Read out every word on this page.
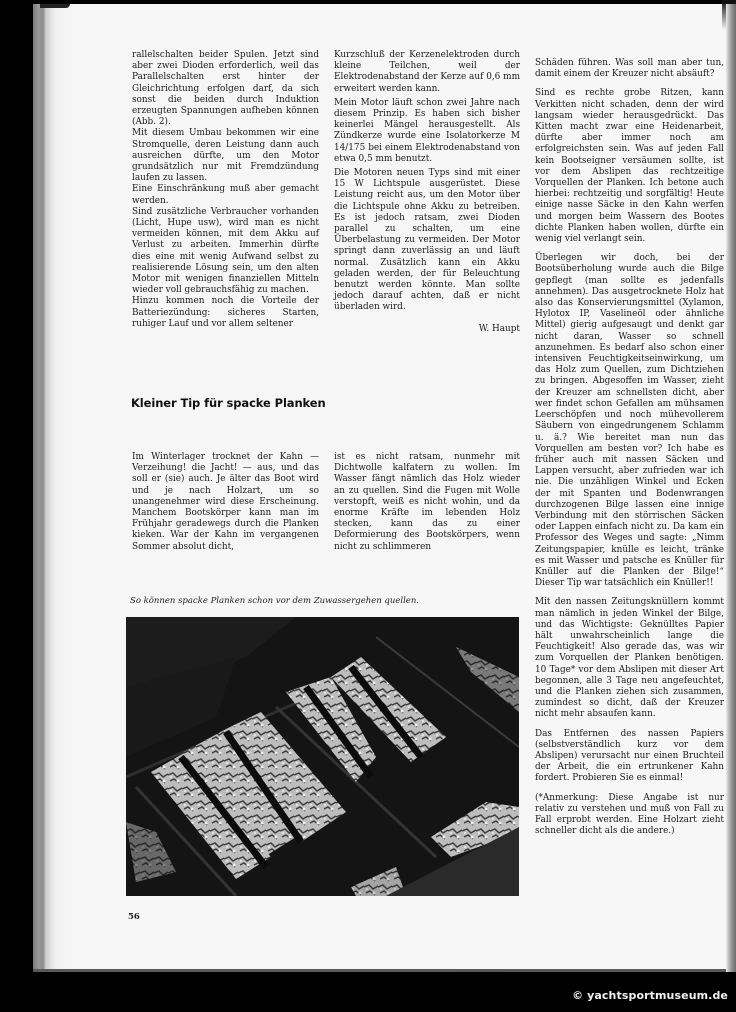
rallelschalten beider Spulen. Jetzt sind aber zwei Dioden erforderlich, weil das Parallelschalten erst hinter der Gleichrichtung erfolgen darf, da sich sonst die beiden durch Induktion erzeugten Spannungen aufheben können (Abb. 2).

Mit diesem Umbau bekommen wir eine Stromquelle, deren Leistung dann auch ausreichen dürfte, um den Motor grundsätzlich nur mit Fremdzündung laufen zu lassen.

Eine Einschränkung muß aber gemacht werden.

Sind zusätzliche Verbraucher vorhanden (Licht, Hupe usw), wird man es nicht vermeiden können, mit dem Akku auf Verlust zu arbeiten. Immerhin dürfte dies eine mit wenig Aufwand selbst zu realisierende Lösung sein, um den alten Motor mit wenigen finanziellen Mitteln wieder voll gebrauchsfähig zu machen.

Hinzu kommen noch die Vorteile der Batteriezündung: sicheres Starten, ruhiger Lauf und vor allem seltener

Kurzschluß der Kerzenelektroden durch kleine Teilchen, weil der Elektrodenabstand der Kerze auf 0,6 mm erweitert werden kann.

Mein Motor läuft schon zwei Jahre nach diesem Prinzip. Es haben sich bisher keinerlei Mängel herausgestellt. Als Zündkerze wurde eine Isolatorkerze M 14/175 bei einem Elektrodenabstand von etwa 0,5 mm benutzt.

Die Motoren neuen Typs sind mit einer 15 W Lichtspule ausgerüstet. Diese Leistung reicht aus, um den Motor über die Lichtspule ohne Akku zu betreiben. Es ist jedoch ratsam, zwei Dioden parallel zu schalten, um eine Überbelastung zu vermeiden. Der Motor springt dann zuverlässig an und läuft normal. Zusätzlich kann ein Akku geladen werden, der für Beleuchtung benutzt werden könnte. Man sollte jedoch darauf achten, daß er nicht überladen wird.

W. Haupt

Kleiner Tip für spacke Planken

Im Winterlager trocknet der Kahn — Verzeihung! die Jacht! — aus, und das soll er (sie) auch. Je älter das Boot wird und je nach Holzart, um so unangenehmer wird diese Erscheinung. Manchem Bootskörper kann man im Frühjahr geradewegs durch die Planken kieken. War der Kahn im vergangenen Sommer absolut dicht,

ist es nicht ratsam, nunmehr mit Dichtwolle kalfatern zu wollen. Im Wasser fängt nämlich das Holz wieder an zu quellen. Sind die Fugen mit Wolle verstopft, weiß es nicht wohin, und da enorme Kräfte im lebenden Holz stecken, kann das zu einer Deformierung des Bootskörpers, wenn nicht zu schlimmeren

Schäden führen. Was soll man aber tun, damit einem der Kreuzer nicht absäuft?

Sind es rechte grobe Ritzen, kann Verkitten nicht schaden, denn der wird langsam wieder herausgedrückt. Das Kitten macht zwar eine Heidenarbeit, dürfte aber immer noch am erfolgreichsten sein. Was auf jeden Fall kein Bootseigner versäumen sollte, ist vor dem Abslipen das rechtzeitige Vorquellen der Planken. Ich betone auch hierbei: rechtzeitig und sorgfältig! Heute einige nasse Säcke in den Kahn werfen und morgen beim Wassern des Bootes dichte Planken haben wollen, dürfte ein wenig viel verlangt sein.

Überlegen wir doch, bei der Bootsüberholung wurde auch die Bilge gepflegt (man sollte es jedenfalls annehmen). Das ausgetrocknete Holz hat also das Konservierungsmittel (Xylamon, Hylotox IP, Vaselineöl oder ähnliche Mittel) gierig aufgesaugt und denkt gar nicht daran, Wasser so schnell anzunehmen. Es bedarf also schon einer intensiven Feuchtigkeitseinwirkung, um das Holz zum Quellen, zum Dichtziehen zu bringen. Abgesoffen im Wasser, zieht der Kreuzer am schnellsten dicht, aber wer findet schon Gefallen am mühsamen Leerschöpfen und noch mühevollerem Säubern von eingedrungenem Schlamm u. ä.? Wie bereitet man nun das Vorquellen am besten vor? Ich habe es früher auch mit nassen Säcken und Lappen versucht, aber zufrieden war ich nie. Die unzähligen Winkel und Ecken der mit Spanten und Bodenwrangen durchzogenen Bilge lassen eine innige Verbindung mit den störrischen Säcken oder Lappen einfach nicht zu. Da kam ein Professor des Weges und sagte: „Nimm Zeitungspapier, knülle es leicht, tränke es mit Wasser und patsche es Knüller für Knüller auf die Planken der Bilge!“ Dieser Tip war tatsächlich ein Knüller!!

Mit den nassen Zeitungsknüllern kommt man nämlich in jeden Winkel der Bilge, und das Wichtigste: Geknülltes Papier hält unwahrscheinlich lange die Feuchtigkeit! Also gerade das, was wir zum Vorquellen der Planken benötigen. 10 Tage* vor dem Abslipen mit dieser Art begonnen, alle 3 Tage neu angefeuchtet, und die Planken ziehen sich zusammen, zumindest so dicht, daß der Kreuzer nicht mehr absaufen kann.

Das Entfernen des nassen Papiers (selbstverständlich kurz vor dem Abslipen) verursacht nur einen Bruchteil der Arbeit, die ein ertrunkener Kahn fordert. Probieren Sie es einmal!

(*Anmerkung: Diese Angabe ist nur relativ zu verstehen und muß von Fall zu Fall erprobt werden. Eine Holzart zieht schneller dicht als die andere.)

So können spacke Planken schon vor dem Zuwassergehen quellen.
56
© yachtsportmuseum.de
